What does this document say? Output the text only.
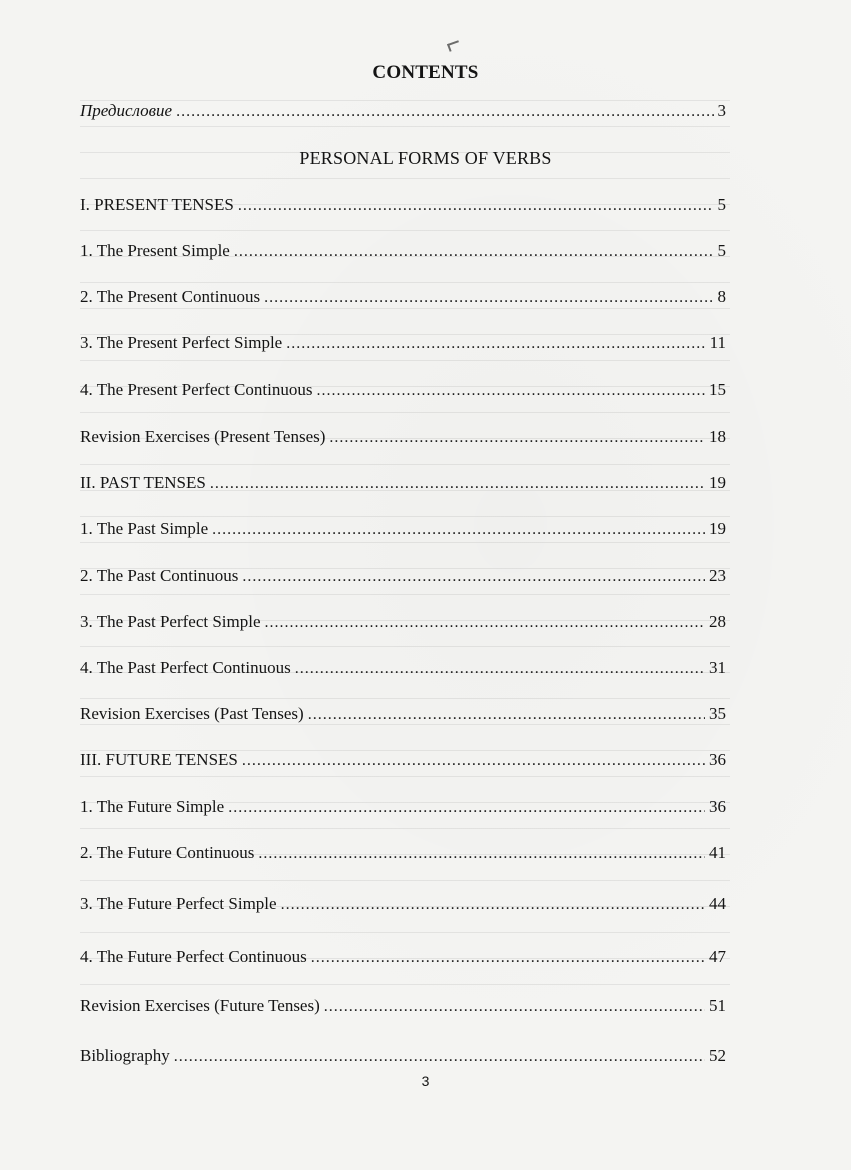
CONTENTS
Предисловие .....	3
PERSONAL FORMS OF VERBS
I. PRESENT TENSES .....	5
1. The Present Simple .....	5
2. The Present Continuous .....	8
3. The Present Perfect Simple .....	11
4. The Present Perfect Continuous .....	15
Revision Exercises (Present Tenses) .....	18
II. PAST TENSES .....	19
1. The Past Simple .....	19
2. The Past Continuous .....	23
3. The Past Perfect Simple .....	28
4. The Past Perfect Continuous .....	31
Revision Exercises (Past Tenses) .....	35
III. FUTURE TENSES .....	36
1. The Future Simple .....	36
2. The Future Continuous .....	41
3. The Future Perfect Simple .....	44
4. The Future Perfect Continuous .....	47
Revision Exercises (Future Tenses) .....	51
Bibliography .....	52
3
